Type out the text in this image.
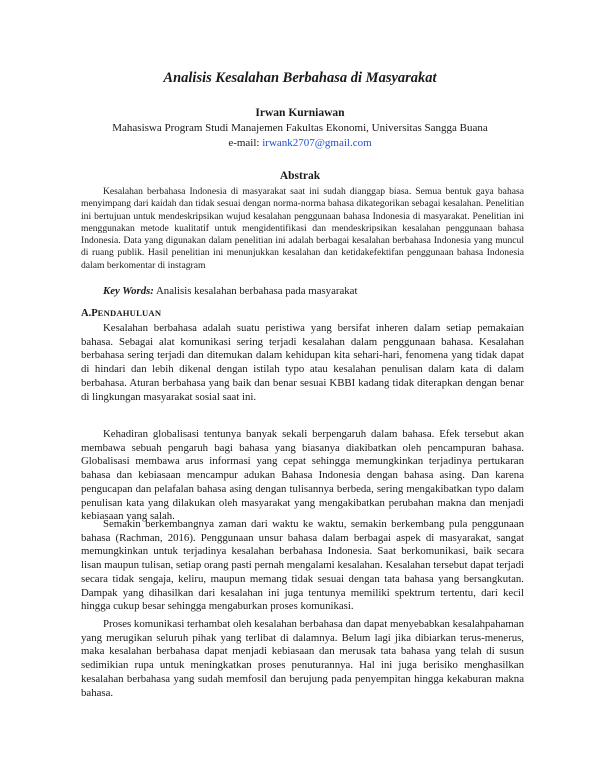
Analisis Kesalahan Berbahasa di Masyarakat
Irwan Kurniawan
Mahasiswa Program Studi Manajemen Fakultas Ekonomi, Universitas Sangga Buana
e-mail: irwank2707@gmail.com
Abstrak

Kesalahan berbahasa Indonesia di masyarakat saat ini sudah dianggap biasa. Semua bentuk gaya bahasa menyimpang dari kaidah dan tidak sesuai dengan norma-norma bahasa dikategorikan sebagai kesalahan. Penelitian ini bertujuan untuk mendeskripsikan wujud kesalahan penggunaan bahasa Indonesia di masyarakat. Penelitian ini menggunakan metode kualitatif untuk mengidentifikasi dan mendeskripsikan kesalahan penggunaan bahasa Indonesia. Data yang digunakan dalam penelitian ini adalah berbagai kesalahan berbahasa Indonesia yang muncul di ruang publik. Hasil penelitian ini menunjukkan kesalahan dan ketidakefektifan penggunaan bahasa Indonesia dalam berkomentar di instagram

Key Words: Analisis kesalahan berbahasa pada masyarakat

A.PENDAHULUAN

Kesalahan berbahasa adalah suatu peristiwa yang bersifat inheren dalam setiap pemakaian bahasa. Sebagai alat komunikasi sering terjadi kesalahan dalam penggunaan bahasa. Kesalahan berbahasa sering terjadi dan ditemukan dalam kehidupan kita sehari-hari, fenomena yang tidak dapat di hindari dan lebih dikenal dengan istilah typo atau kesalahan penulisan dalam kata di dalam berbahasa. Aturan berbahasa yang baik dan benar sesuai KBBI kadang tidak diterapkan dengan benar di lingkungan masyarakat sosial saat ini.

Kehadiran globalisasi tentunya banyak sekali berpengaruh dalam bahasa. Efek tersebut akan membawa sebuah pengaruh bagi bahasa yang biasanya diakibatkan oleh pencampuran bahasa. Globalisasi membawa arus informasi yang cepat sehingga memungkinkan terjadinya pertukaran bahasa dan kebiasaan mencampur adukan Bahasa Indonesia dengan bahasa asing. Dan karena pengucapan dan pelafalan bahasa asing dengan tulisannya berbeda, sering mengakibatkan typo dalam penulisan kata yang dilakukan oleh masyarakat yang mengakibatkan perubahan makna dan menjadi kebiasaan yang salah.

Semakin berkembangnya zaman dari waktu ke waktu, semakin berkembang pula penggunaan bahasa (Rachman, 2016). Penggunaan unsur bahasa dalam berbagai aspek di masyarakat, sangat memungkinkan untuk terjadinya kesalahan berbahasa Indonesia. Saat berkomunikasi, baik secara lisan maupun tulisan, setiap orang pasti pernah mengalami kesalahan. Kesalahan tersebut dapat terjadi secara tidak sengaja, keliru, maupun memang tidak sesuai dengan tata bahasa yang bersangkutan. Dampak yang dihasilkan dari kesalahan ini juga tentunya memiliki spektrum tertentu, dari kecil hingga cukup besar sehingga mengaburkan proses komunikasi.

Proses komunikasi terhambat oleh kesalahan berbahasa dan dapat menyebabkan kesalahpahaman yang merugikan seluruh pihak yang terlibat di dalamnya. Belum lagi jika dibiarkan terus-menerus, maka kesalahan berbahasa dapat menjadi kebiasaan dan merusak tata bahasa yang telah di susun sedimikian rupa untuk meningkatkan proses penuturannya. Hal ini juga berisiko menghasilkan kesalahan berbahasa yang sudah memfosil dan berujung pada penyempitan hingga kekaburan makna bahasa.
